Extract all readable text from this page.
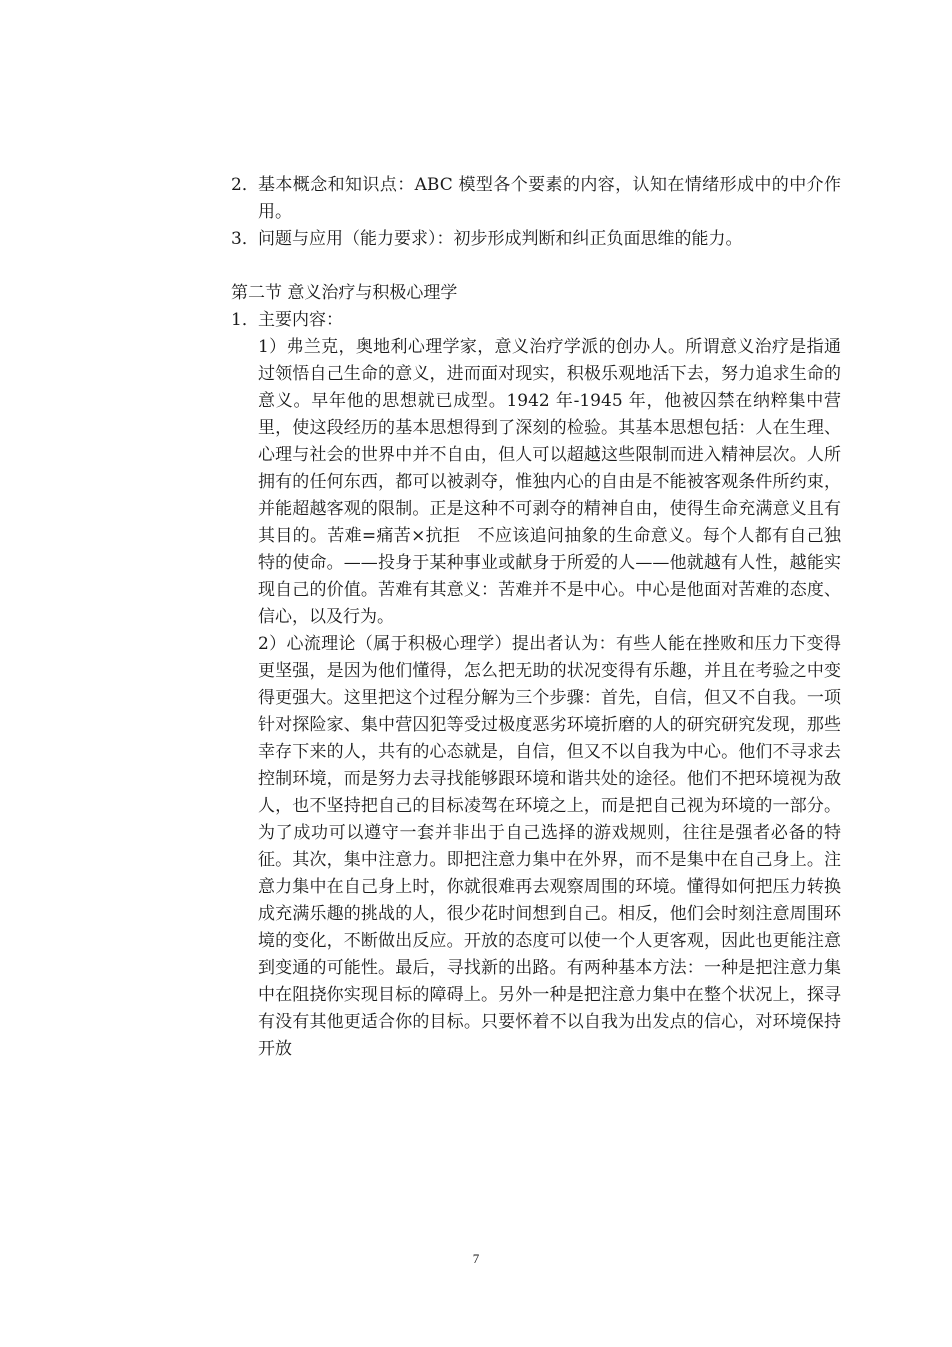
2． 基本概念和知识点：ABC 模型各个要素的内容，认知在情绪形成中的中介作用。
3． 问题与应用（能力要求）：初步形成判断和纠正负面思维的能力。

第二节 意义治疗与积极心理学

1． 主要内容：

1）弗兰克，奥地利心理学家，意义治疗学派的创办人。所谓意义治疗是指通过领悟自己生命的意义，进而面对现实，积极乐观地活下去，努力追求生命的意义。早年他的思想就已成型。1942 年-1945 年，他被囚禁在纳粹集中营里，使这段经历的基本思想得到了深刻的检验。其基本思想包括：人在生理、心理与社会的世界中并不自由，但人可以超越这些限制而进入精神层次。人所拥有的任何东西，都可以被剥夺，惟独内心的自由是不能被客观条件所约束，并能超越客观的限制。正是这种不可剥夺的精神自由，使得生命充满意义且有其目的。苦难=痛苦×抗拒　不应该追问抽象的生命意义。每个人都有自己独特的使命。——投身于某种事业或献身于所爱的人——他就越有人性，越能实现自己的价值。苦难有其意义：苦难并不是中心。中心是他面对苦难的态度、信心，以及行为。

2）心流理论（属于积极心理学）提出者认为：有些人能在挫败和压力下变得更坚强，是因为他们懂得，怎么把无助的状况变得有乐趣，并且在考验之中变得更强大。这里把这个过程分解为三个步骤：首先，自信，但又不自我。一项针对探险家、集中营囚犯等受过极度恶劣环境折磨的人的研究研究发现，那些幸存下来的人，共有的心态就是，自信，但又不以自我为中心。他们不寻求去控制环境，而是努力去寻找能够跟环境和谐共处的途径。他们不把环境视为敌人，也不坚持把自己的目标凌驾在环境之上，而是把自己视为环境的一部分。为了成功可以遵守一套并非出于自己选择的游戏规则，往往是强者必备的特征。其次，集中注意力。即把注意力集中在外界，而不是集中在自己身上。注意力集中在自己身上时，你就很难再去观察周围的环境。懂得如何把压力转换成充满乐趣的挑战的人，很少花时间想到自己。相反，他们会时刻注意周围环境的变化，不断做出反应。开放的态度可以使一个人更客观，因此也更能注意到变通的可能性。最后，寻找新的出路。有两种基本方法：一种是把注意力集中在阻挠你实现目标的障碍上。另外一种是把注意力集中在整个状况上，探寻有没有其他更适合你的目标。只要怀着不以自我为出发点的信心，对环境保持开放

7
